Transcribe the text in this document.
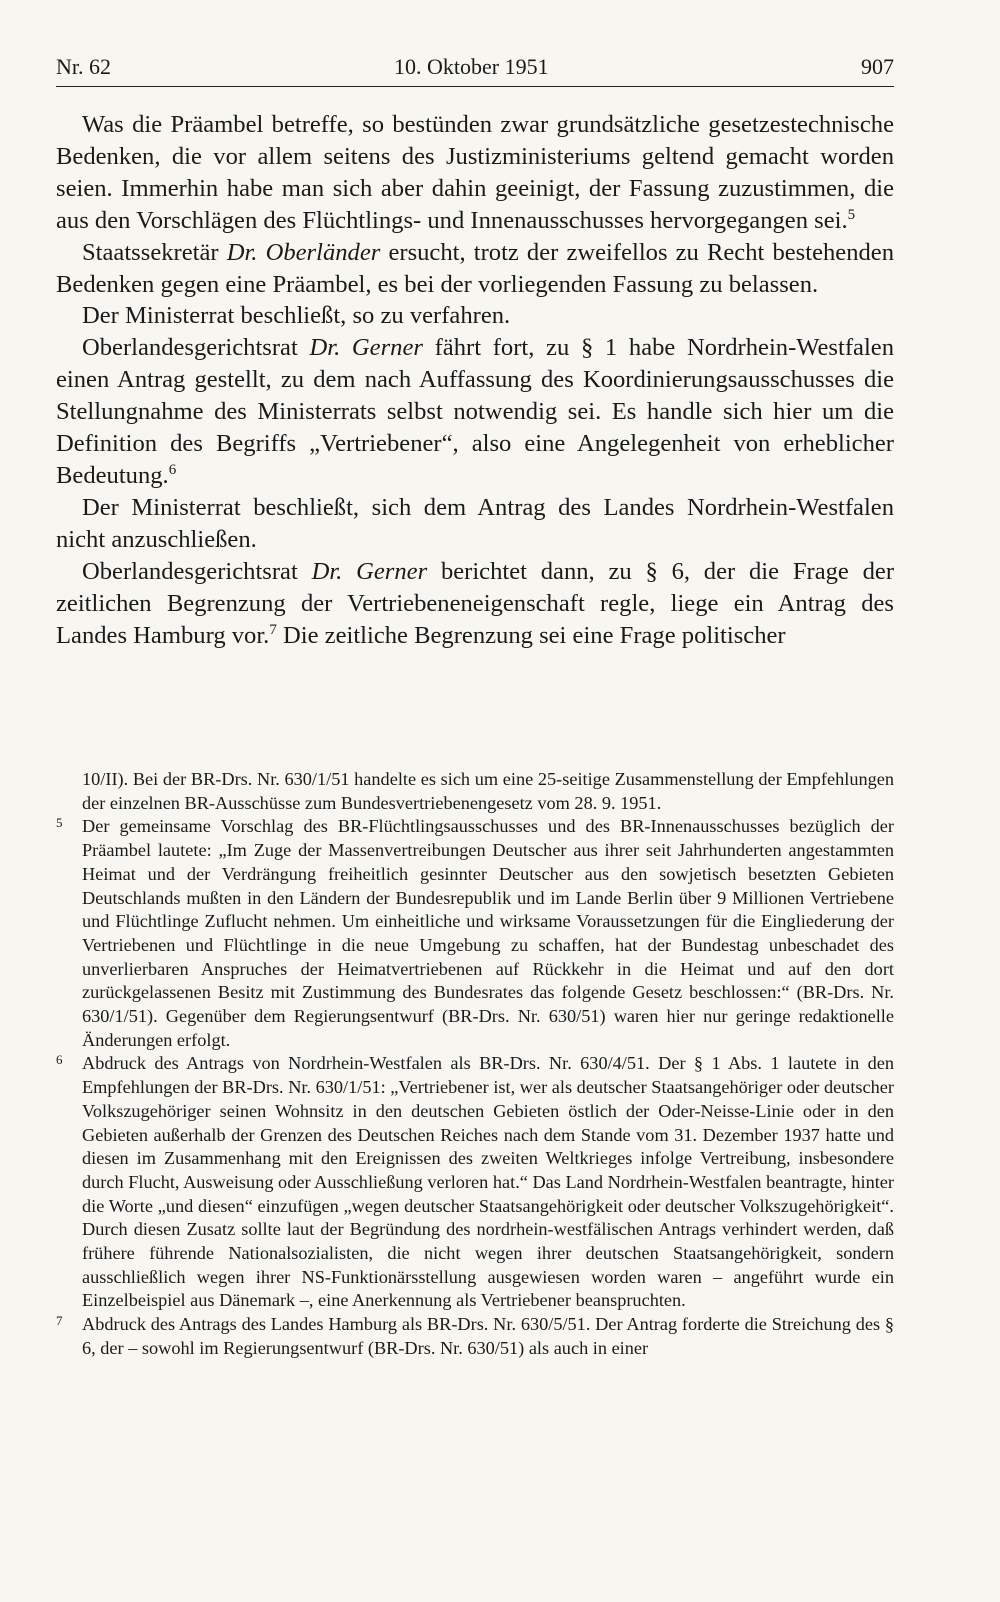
Nr. 62	10. Oktober 1951	907

Was die Präambel betreffe, so bestünden zwar grundsätzliche gesetzestechnische Bedenken, die vor allem seitens des Justizministeriums geltend gemacht worden seien. Immerhin habe man sich aber dahin geeinigt, der Fassung zuzustimmen, die aus den Vorschlägen des Flüchtlings- und Innenausschusses hervorgegangen sei.$^5$

Staatssekretär Dr. Oberländer ersucht, trotz der zweifellos zu Recht bestehenden Bedenken gegen eine Präambel, es bei der vorliegenden Fassung zu belassen.

Der Ministerrat beschließt, so zu verfahren.

Oberlandesgerichtsrat Dr. Gerner fährt fort, zu § 1 habe Nordrhein-Westfalen einen Antrag gestellt, zu dem nach Auffassung des Koordinierungsausschusses die Stellungnahme des Ministerrats selbst notwendig sei. Es handle sich hier um die Definition des Begriffs „Vertriebener“, also eine Angelegenheit von erheblicher Bedeutung.$^6$

Der Ministerrat beschließt, sich dem Antrag des Landes Nordrhein-Westfalen nicht anzuschließen.

Oberlandesgerichtsrat Dr. Gerner berichtet dann, zu § 6, der die Frage der zeitlichen Begrenzung der Vertriebeneneigenschaft regle, liege ein Antrag des Landes Hamburg vor.$^7$ Die zeitliche Begrenzung sei eine Frage politischer

10/II). Bei der BR-Drs. Nr. 630/1/51 handelte es sich um eine 25-seitige Zusammenstellung der Empfehlungen der einzelnen BR-Ausschüsse zum Bundesvertriebenengesetz vom 28. 9. 1951.

5 Der gemeinsame Vorschlag des BR-Flüchtlingsausschusses und des BR-Innenausschusses bezüglich der Präambel lautete: „Im Zuge der Massenvertreibungen Deutscher aus ihrer seit Jahrhunderten angestammten Heimat und der Verdrängung freiheitlich gesinnter Deutscher aus den sowjetisch besetzten Gebieten Deutschlands mußten in den Ländern der Bundesrepublik und im Lande Berlin über 9 Millionen Vertriebene und Flüchtlinge Zuflucht nehmen. Um einheitliche und wirksame Voraussetzungen für die Eingliederung der Vertriebenen und Flüchtlinge in die neue Umgebung zu schaffen, hat der Bundestag unbeschadet des unverlierbaren Anspruches der Heimatvertriebenen auf Rückkehr in die Heimat und auf den dort zurückgelassenen Besitz mit Zustimmung des Bundesrates das folgende Gesetz beschlossen:“ (BR-Drs. Nr. 630/1/51). Gegenüber dem Regierungsentwurf (BR-Drs. Nr. 630/51) waren hier nur geringe redaktionelle Änderungen erfolgt.

6 Abdruck des Antrags von Nordrhein-Westfalen als BR-Drs. Nr. 630/4/51. Der § 1 Abs. 1 lautete in den Empfehlungen der BR-Drs. Nr. 630/1/51: „Vertriebener ist, wer als deutscher Staatsangehöriger oder deutscher Volkszugehöriger seinen Wohnsitz in den deutschen Gebieten östlich der Oder-Neisse-Linie oder in den Gebieten außerhalb der Grenzen des Deutschen Reiches nach dem Stande vom 31. Dezember 1937 hatte und diesen im Zusammenhang mit den Ereignissen des zweiten Weltkrieges infolge Vertreibung, insbesondere durch Flucht, Ausweisung oder Ausschließung verloren hat.“ Das Land Nordrhein-Westfalen beantragte, hinter die Worte „und diesen“ einzufügen „wegen deutscher Staatsangehörigkeit oder deutscher Volkszugehörigkeit“. Durch diesen Zusatz sollte laut der Begründung des nordrhein-westfälischen Antrags verhindert werden, daß frühere führende Nationalsozialisten, die nicht wegen ihrer deutschen Staatsangehörigkeit, sondern ausschließlich wegen ihrer NS-Funktionärsstellung ausgewiesen worden waren – angeführt wurde ein Einzelbeispiel aus Dänemark –, eine Anerkennung als Vertriebener beanspruchten.

7 Abdruck des Antrags des Landes Hamburg als BR-Drs. Nr. 630/5/51. Der Antrag forderte die Streichung des § 6, der – sowohl im Regierungsentwurf (BR-Drs. Nr. 630/51) als auch in einer
